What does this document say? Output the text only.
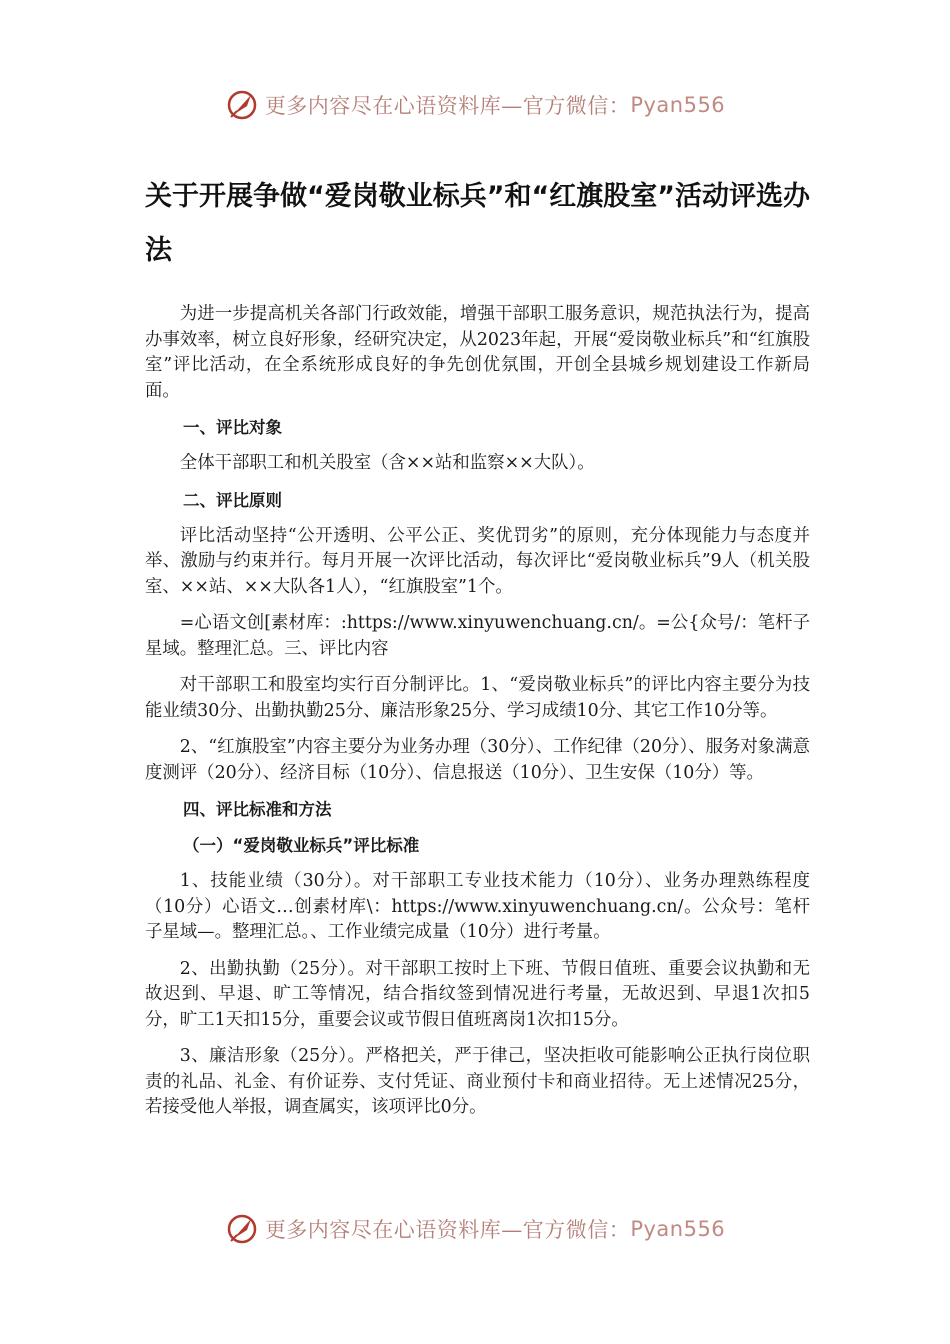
更多内容尽在心语资料库—官方微信： Pyan556
关于开展争做“爱岗敬业标兵”和“红旗股室”活动评选办法

为进一步提高机关各部门行政效能，增强干部职工服务意识，规范执法行为，提高办事效率，树立良好形象，经研究决定，从2023年起，开展“爱岗敬业标兵”和“红旗股室”评比活动，在全系统形成良好的争先创优氛围，开创全县城乡规划建设工作新局面。

一、评比对象

全体干部职工和机关股室（含××站和监察××大队）。

二、评比原则

评比活动坚持“公开透明、公平公正、奖优罚劣”的原则，充分体现能力与态度并举、激励与约束并行。每月开展一次评比活动，每次评比“爱岗敬业标兵”9人（机关股室、××站、××大队各1人），“红旗股室”1个。

=心语文创[素材库：:https://www.xinyuwenchuang.cn/。=公{众号/：笔杆子星域。整理汇总。三、评比内容

对干部职工和股室均实行百分制评比。1、“爱岗敬业标兵”的评比内容主要分为技能业绩30分、出勤执勤25分、廉洁形象25分、学习成绩10分、其它工作10分等。

2、“红旗股室”内容主要分为业务办理（30分）、工作纪律（20分）、服务对象满意度测评（20分）、经济目标（10分）、信息报送（10分）、卫生安保（10分）等。

四、评比标准和方法
（一）“爱岗敬业标兵”评比标准

1、技能业绩（30分）。对干部职工专业技术能力（10分）、业务办理熟练程度（10分）心语文…创素材库\：https://www.xinyuwenchuang.cn/。公众号：笔杆子星域—。整理汇总。、工作业绩完成量（10分）进行考量。

2、出勤执勤（25分）。对干部职工按时上下班、节假日值班、重要会议执勤和无故迟到、早退、旷工等情况，结合指纹签到情况进行考量，无故迟到、早退1次扣5分，旷工1天扣15分，重要会议或节假日值班离岗1次扣15分。

3、廉洁形象（25分）。严格把关，严于律己，坚决拒收可能影响公正执行岗位职责的礼品、礼金、有价证券、支付凭证、商业预付卡和商业招待。无上述情况25分，若接受他人举报，调查属实，该项评比0分。

更多内容尽在心语资料库—官方微信： Pyan556
